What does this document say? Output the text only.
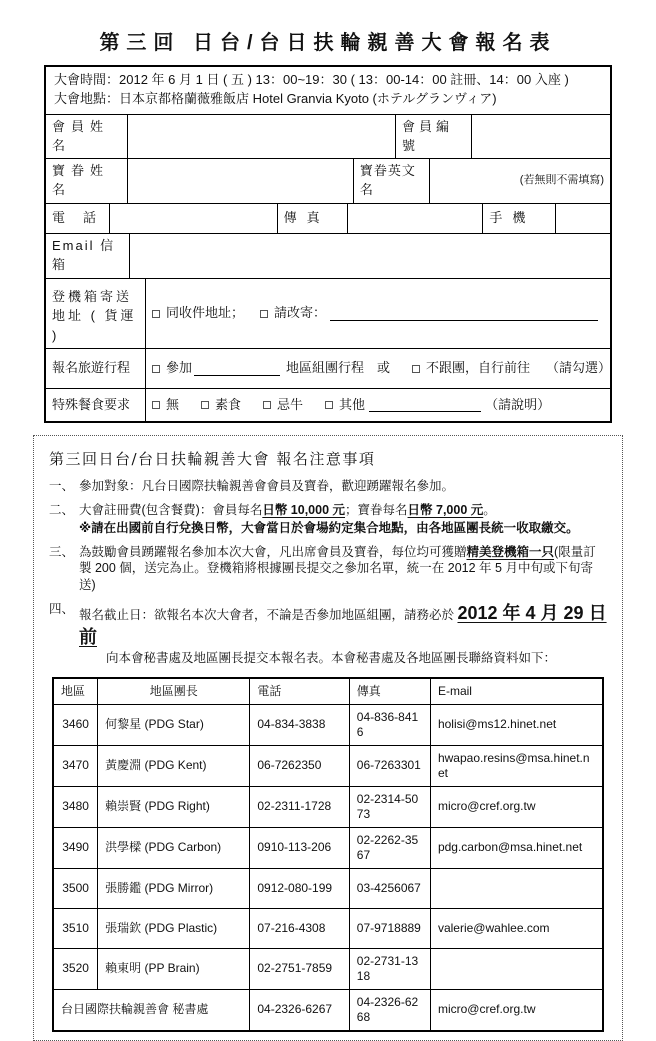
第三回 日台/台日扶輪親善大會報名表
大會時間：2012 年 6 月 1 日 ( 五 ) 13：00~19：30 ( 13：00-14：00 註冊、14：00 入座 )
大會地點：日本京都格蘭薇雅飯店 Hotel Granvia Kyoto (ホテルグランヴィア)
會員姓名
會員編號
寶眷姓名
寶眷英文名
(若無則不需填寫)
電話	傳真	手機
Email 信箱
登機箱寄送
地址 ( 貨運 )
同收件地址； 請改寄：
報名旅遊行程	參加	地區組團行程　或	不跟團，自行前往 （請勾選）
特殊餐食要求	無	素食	忌牛	其他	（請說明）
第三回日台/台日扶輪親善大會 報名注意事項
一、 參加對象：凡台日國際扶輪親善會會員及寶眷，歡迎踴躍報名參加。
二、 大會註冊費(包含餐費)：會員每名日幣 10,000 元；寶眷每名日幣 7,000 元。
※請在出國前自行兌換日幣，大會當日於會場約定集合地點，由各地區團長統一收取繳交。
三、 為鼓勵會員踴躍報名參加本次大會，凡出席會員及寶眷，每位均可獲贈精美登機箱一只(限量訂製 200 個，送完為止。登機箱將根據團長提交之參加名單，統一在 2012 年 5 月中旬或下旬寄送)
四、 報名截止日：欲報名本次大會者，不論是否參加地區組團，請務必於 2012 年 4 月 29 日前
向本會秘書處及地區團長提交本報名表。本會秘書處及各地區團長聯絡資料如下：
地區	地區團長	電話	傳真	E-mail
3460	何黎星 (PDG Star)	04-834-3838	04-836-8416	holisi@ms12.hinet.net
3470	黃慶淵 (PDG Kent)	06-7262350	06-7263301	hwapao.resins@msa.hinet.net
3480	賴崇賢 (PDG Right)	02-2311-1728	02-2314-5073	micro@cref.org.tw
3490	洪學樑 (PDG Carbon)	0910-113-206	02-2262-3567	pdg.carbon@msa.hinet.net
3500	張勝鑑 (PDG Mirror)	0912-080-199	03-4256067	
3510	張瑞欽 (PDG Plastic)	07-216-4308	07-9718889	valerie@wahlee.com
3520	賴東明 (PP Brain)	02-2751-7859	02-2731-1318	
台日國際扶輪親善會 秘書處		04-2326-6267	04-2326-6268	micro@cref.org.tw
